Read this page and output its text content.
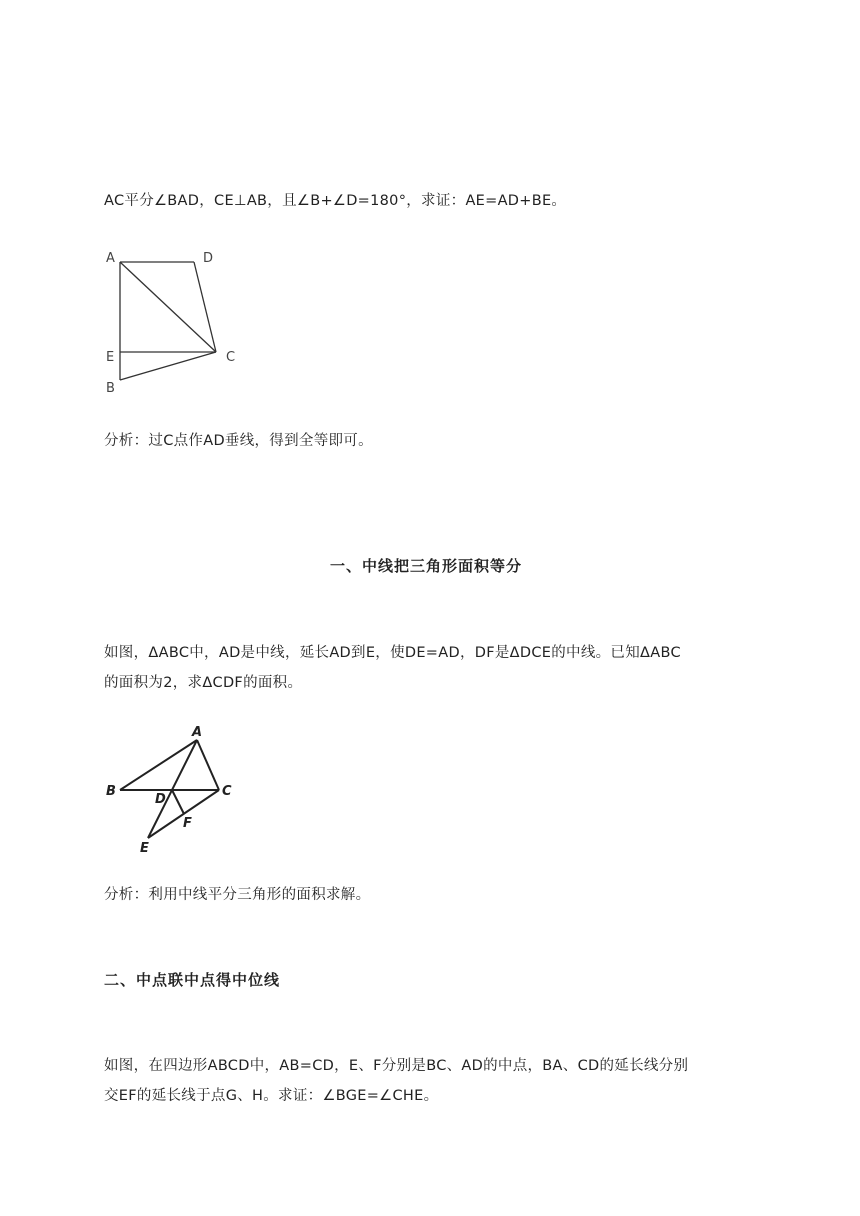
AC平分∠BAD，CE⊥AB，且∠B+∠D=180°，求证：AE=AD+BE。

A	D
E	C
B

分析：过C点作AD垂线，得到全等即可。

一、中线把三角形面积等分

如图，ΔABC中，AD是中线，延长AD到E，使DE=AD，DF是ΔDCE的中线。已知ΔABC

的面积为2，求ΔCDF的面积。

A
B	C
D
F
E

分析：利用中线平分三角形的面积求解。

二、中点联中点得中位线

如图，在四边形ABCD中，AB=CD，E、F分别是BC、AD的中点，BA、CD的延长线分别

交EF的延长线于点G、H。求证：∠BGE=∠CHE。
